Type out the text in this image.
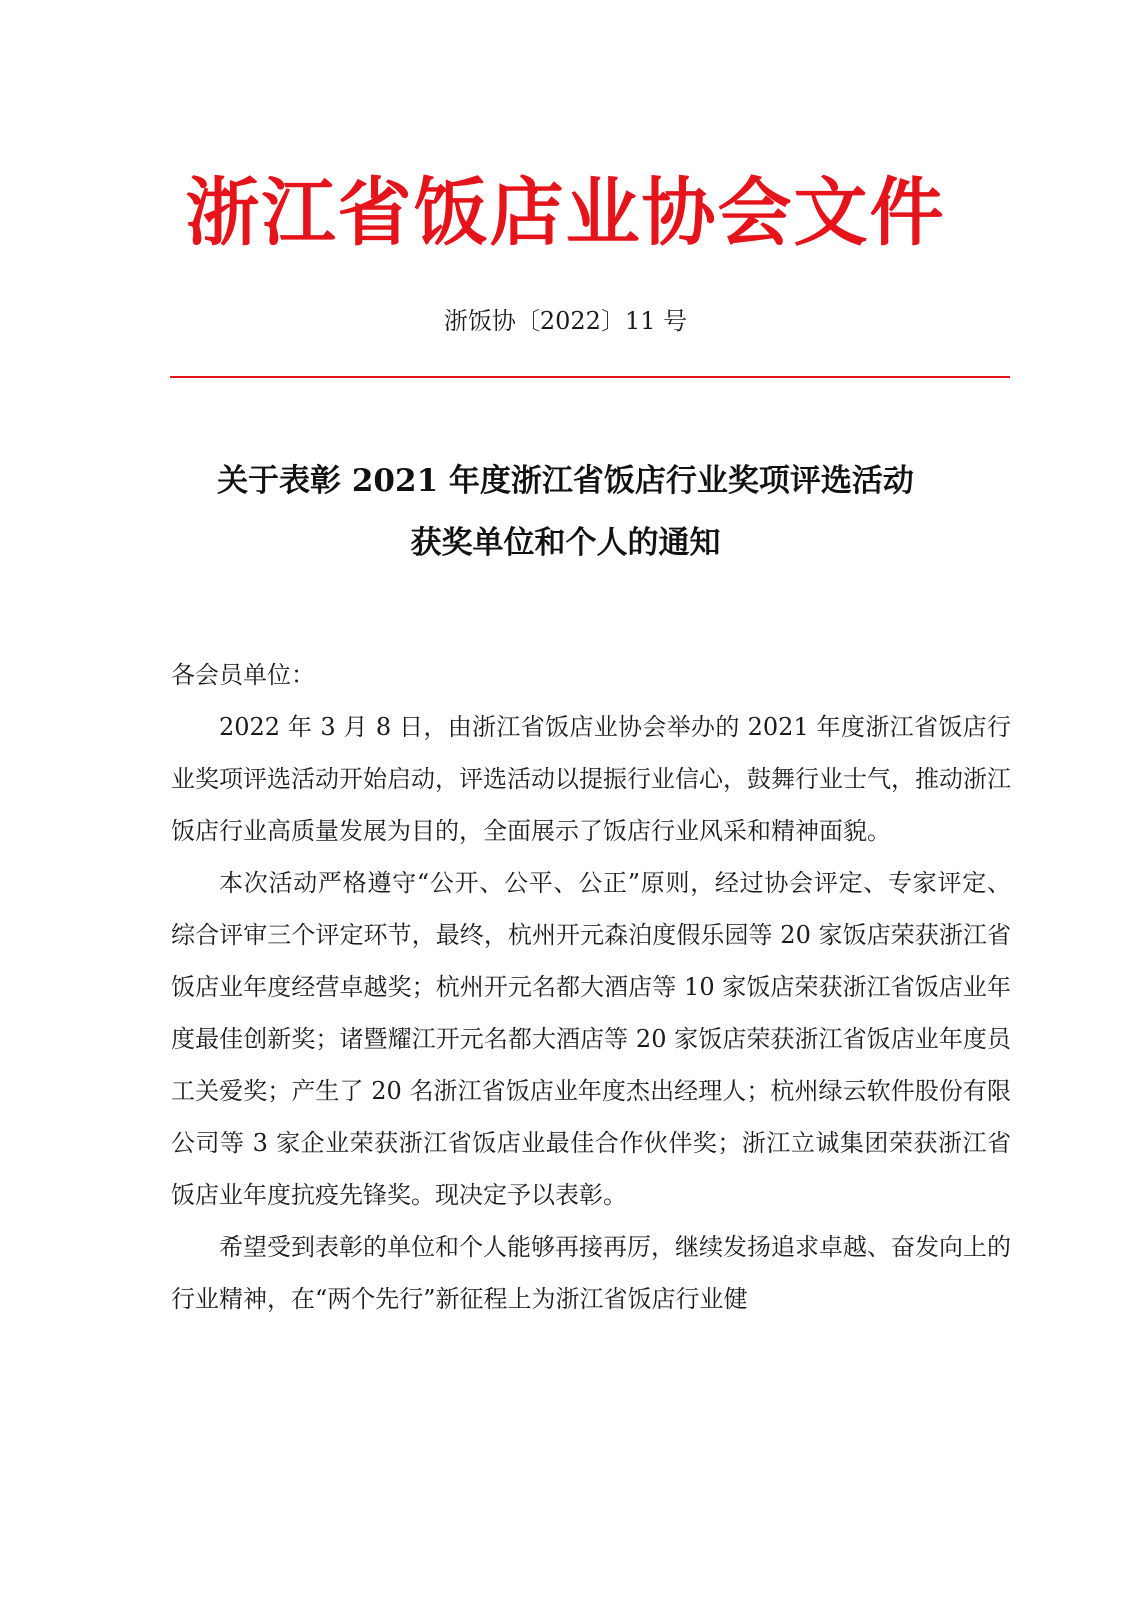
浙江省饭店业协会文件
浙饭协〔2022〕11 号
关于表彰 2021 年度浙江省饭店行业奖项评选活动
获奖单位和个人的通知

各会员单位：

2022 年 3 月 8 日，由浙江省饭店业协会举办的 2021 年度浙江省饭店行业奖项评选活动开始启动，评选活动以提振行业信心，鼓舞行业士气，推动浙江饭店行业高质量发展为目的，全面展示了饭店行业风采和精神面貌。

本次活动严格遵守“公开、公平、公正”原则，经过协会评定、专家评定、综合评审三个评定环节，最终，杭州开元森泊度假乐园等 20 家饭店荣获浙江省饭店业年度经营卓越奖；杭州开元名都大酒店等 10 家饭店荣获浙江省饭店业年度最佳创新奖；诸暨耀江开元名都大酒店等 20 家饭店荣获浙江省饭店业年度员工关爱奖；产生了 20 名浙江省饭店业年度杰出经理人；杭州绿云软件股份有限公司等 3 家企业荣获浙江省饭店业最佳合作伙伴奖；浙江立诚集团荣获浙江省饭店业年度抗疫先锋奖。现决定予以表彰。

希望受到表彰的单位和个人能够再接再厉，继续发扬追求卓越、奋发向上的行业精神，在“两个先行”新征程上为浙江省饭店行业健
